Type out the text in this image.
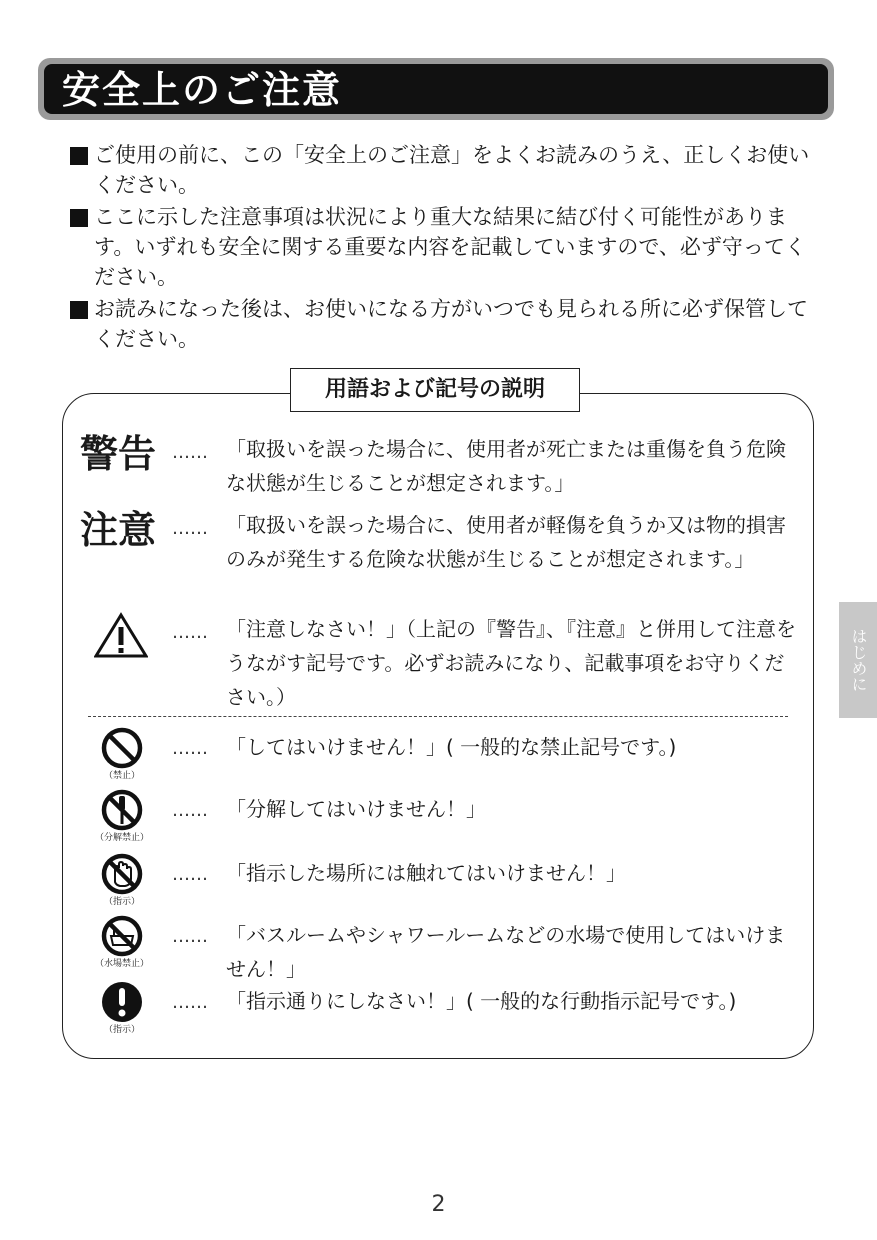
安全上のご注意
ご使用の前に、この「安全上のご注意」をよくお読みのうえ、正しくお使いください。
ここに示した注意事項は状況により重大な結果に結び付く可能性があります。いずれも安全に関する重要な内容を記載していますので、必ず守ってください。
お読みになった後は、お使いになる方がいつでも見られる所に必ず保管してください。
用語および記号の説明
警告 …… 「取扱いを誤った場合に、使用者が死亡または重傷を負う危険な状態が生じることが想定されます。」
注意 …… 「取扱いを誤った場合に、使用者が軽傷を負うか又は物的損害のみが発生する危険な状態が生じることが想定されます。」
…… 「注意しなさい！」（上記の『警告』、『注意』と併用して注意をうながす記号です。必ずお読みになり、記載事項をお守りください。）
（禁止）
…… 「してはいけません！」( 一般的な禁止記号です。)
（分解禁止）
…… 「分解してはいけません！」
（指示）
…… 「指示した場所には触れてはいけません！」
（水場禁止）
…… 「バスルームやシャワールームなどの水場で使用してはいけません！」
（指示）
…… 「指示通りにしなさい！」( 一般的な行動指示記号です。)
はじめに
2
